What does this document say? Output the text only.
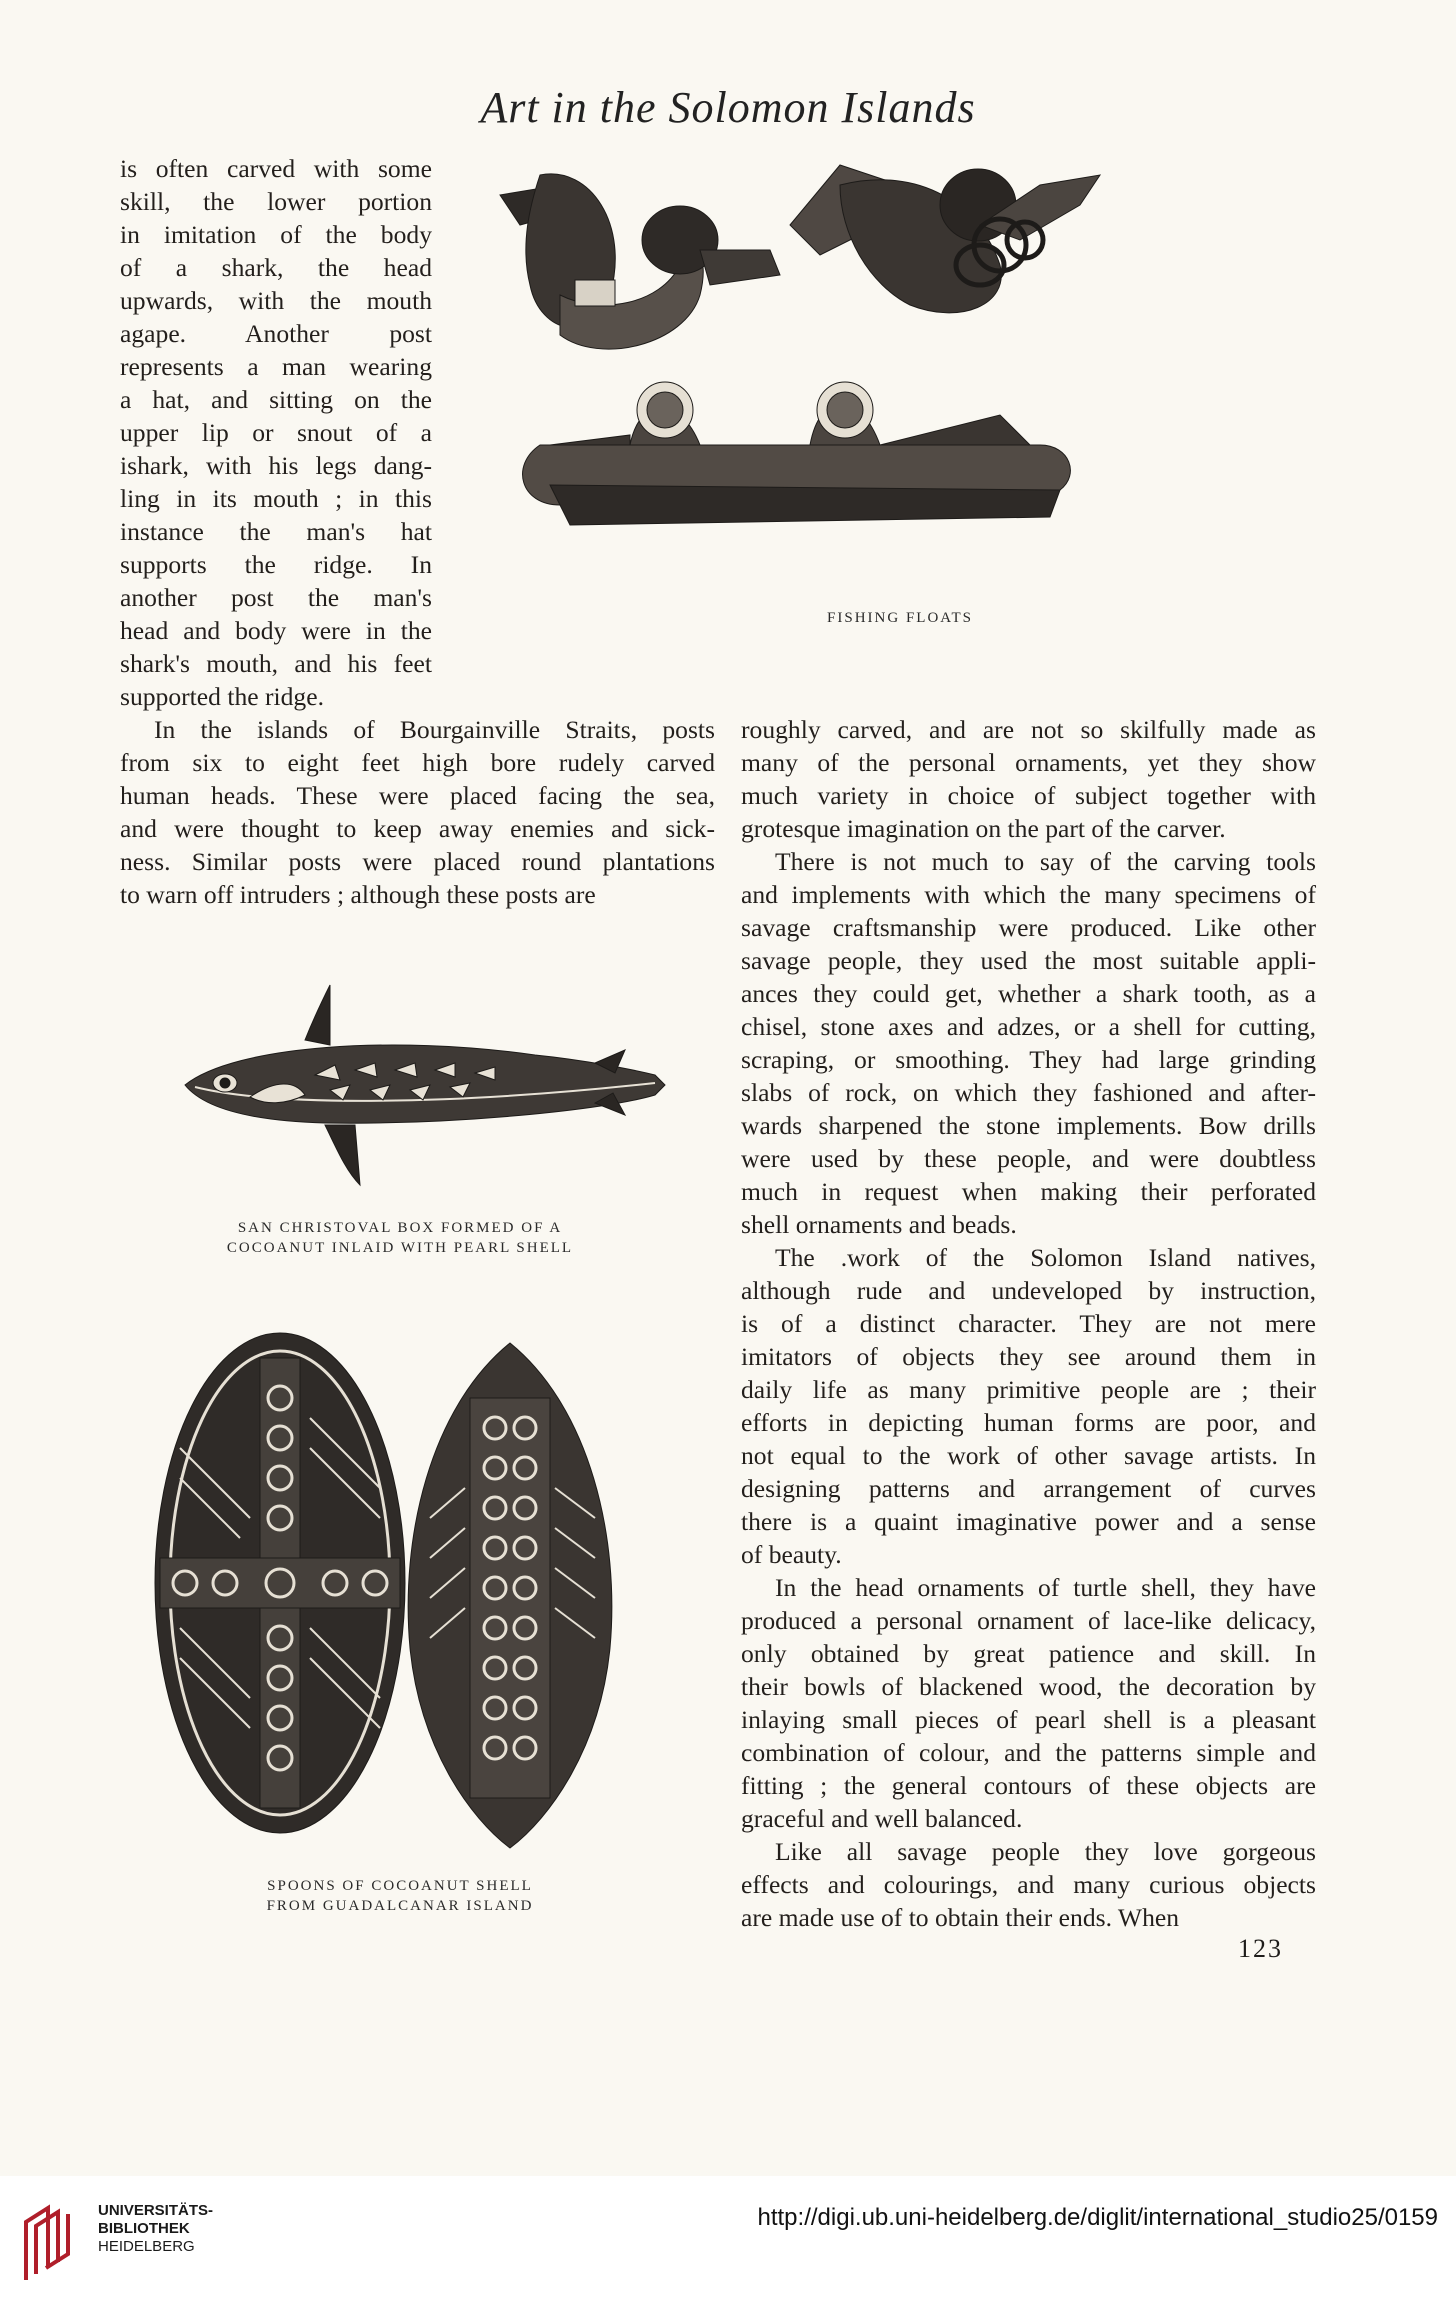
Art in the Solomon Islands
is often carved with some
skill, the lower portion
in imitation of the body
of a shark, the head
upwards, with the mouth
agape. Another post
represents a man wearing
a hat, and sitting on the
upper lip or snout of a
ishark, with his legs dang-
ling in its mouth ; in this
instance the man's hat
supports the ridge. In
another post the man's
head and body were in the
shark's mouth, and his feet
supported the ridge.
In the islands of Bourgainville Straits, posts
from six to eight feet high bore rudely carved
human heads. These were placed facing the sea,
and were thought to keep away enemies and sick-
ness. Similar posts were placed round plantations
to warn off intruders ; although these posts are
roughly carved, and are not so skilfully made as
many of the personal ornaments, yet they show
much variety in choice of subject together with
grotesque imagination on the part of the carver.
There is not much to say of the carving tools
and implements with which the many specimens of
savage craftsmanship were produced. Like other
savage people, they used the most suitable appli-
ances they could get, whether a shark tooth, as a
chisel, stone axes and adzes, or a shell for cutting,
scraping, or smoothing. They had large grinding
slabs of rock, on which they fashioned and after-
wards sharpened the stone implements. Bow drills
were used by these people, and were doubtless
much in request when making their perforated
shell ornaments and beads.
The .work of the Solomon Island natives,
although rude and undeveloped by instruction,
is of a distinct character. They are not mere
imitators of objects they see around them in
daily life as many primitive people are ; their
efforts in depicting human forms are poor, and
not equal to the work of other savage artists. In
designing patterns and arrangement of curves
there is a quaint imaginative power and a sense
of beauty.
In the head ornaments of turtle shell, they have
produced a personal ornament of lace-like delicacy,
only obtained by great patience and skill. In
their bowls of blackened wood, the decoration by
inlaying small pieces of pearl shell is a pleasant
combination of colour, and the patterns simple and
fitting ; the general contours of these objects are
graceful and well balanced.
Like all savage people they love gorgeous
effects and colourings, and many curious objects
are made use of to obtain their ends. When
FISHING FLOATS
SAN CHRISTOVAL BOX FORMED OF A
COCOANUT INLAID WITH PEARL SHELL
SPOONS OF COCOANUT SHELL
FROM GUADALCANAR ISLAND
123
UNIVERSITÄTS-
BIBLIOTHEK
HEIDELBERG
http://digi.ub.uni-heidelberg.de/diglit/international_studio25/0159
